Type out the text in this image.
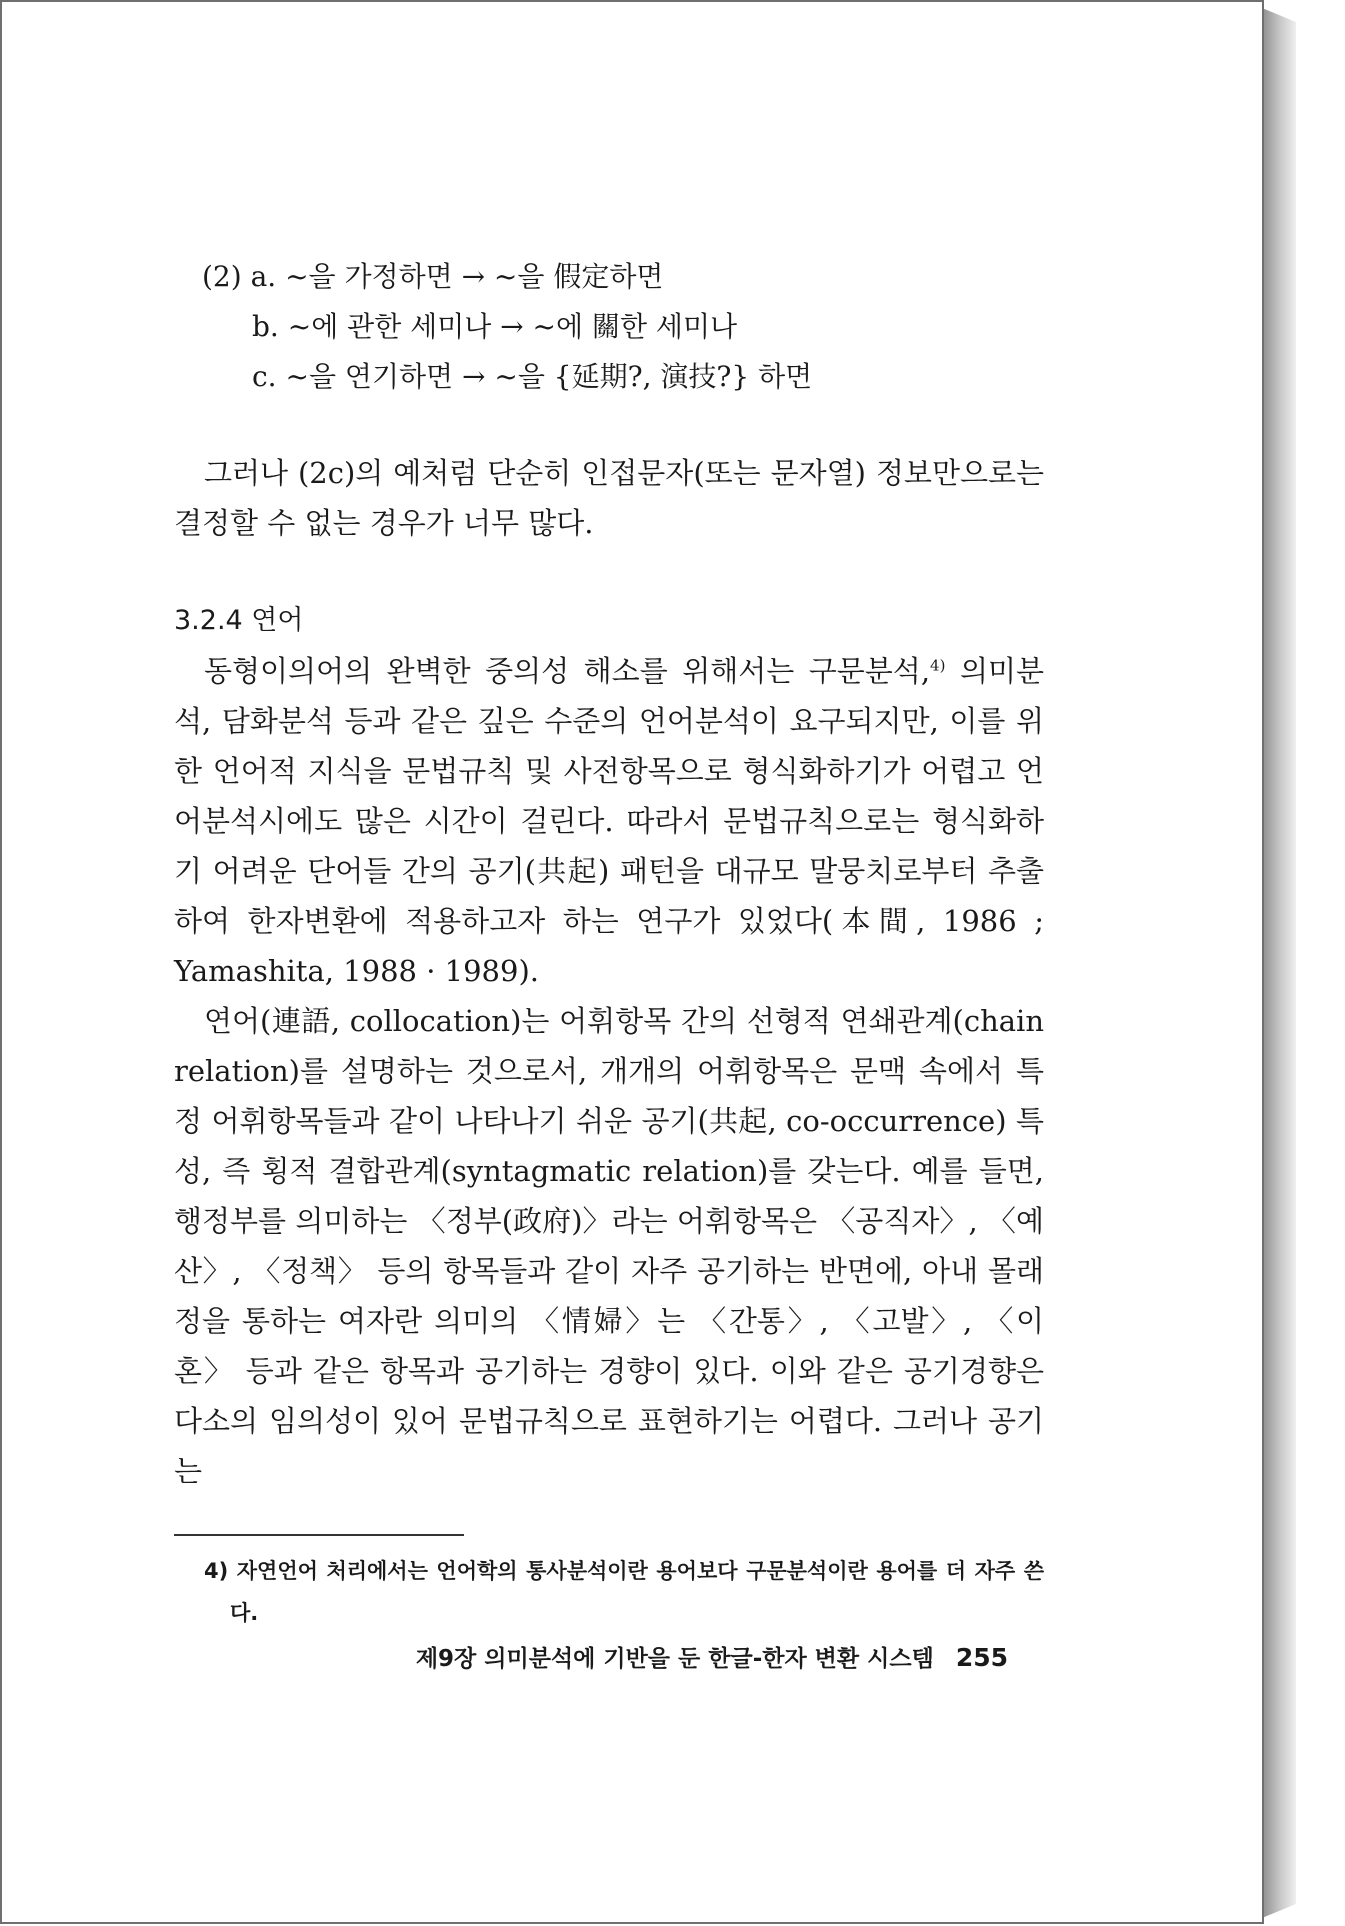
(2) a. ~을 가정하면 → ~을 假定하면
b. ~에 관한 세미나 → ~에 關한 세미나
c. ~을 연기하면 → ~을 {延期?, 演技?} 하면

그러나 (2c)의 예처럼 단순히 인접문자(또는 문자열) 정보만으로는 결정할 수 없는 경우가 너무 많다.

3.2.4 연어

동형이의어의 완벽한 중의성 해소를 위해서는 구문분석,$^{4)}$ 의미분석, 담화분석 등과 같은 깊은 수준의 언어분석이 요구되지만, 이를 위한 언어적 지식을 문법규칙 및 사전항목으로 형식화하기가 어렵고 언어분석시에도 많은 시간이 걸린다. 따라서 문법규칙으로는 형식화하기 어려운 단어들 간의 공기(共起) 패턴을 대규모 말뭉치로부터 추출하여 한자변환에 적용하고자 하는 연구가 있었다(本間, 1986 ; Yamashita, 1988 · 1989).

연어(連語, collocation)는 어휘항목 간의 선형적 연쇄관계(chain relation)를 설명하는 것으로서, 개개의 어휘항목은 문맥 속에서 특정 어휘항목들과 같이 나타나기 쉬운 공기(共起, co-occurrence) 특성, 즉 횡적 결합관계(syntagmatic relation)를 갖는다. 예를 들면, 행정부를 의미하는 〈정부(政府)〉라는 어휘항목은 〈공직자〉, 〈예산〉, 〈정책〉 등의 항목들과 같이 자주 공기하는 반면에, 아내 몰래 정을 통하는 여자란 의미의 〈情婦〉는 〈간통〉, 〈고발〉, 〈이혼〉 등과 같은 항목과 공기하는 경향이 있다. 이와 같은 공기경향은 다소의 임의성이 있어 문법규칙으로 표현하기는 어렵다. 그러나 공기는

4) 자연언어 처리에서는 언어학의 통사분석이란 용어보다 구문분석이란 용어를 더 자주 쓴다.
제9장 의미분석에 기반을 둔 한글-한자 변환 시스템 255
